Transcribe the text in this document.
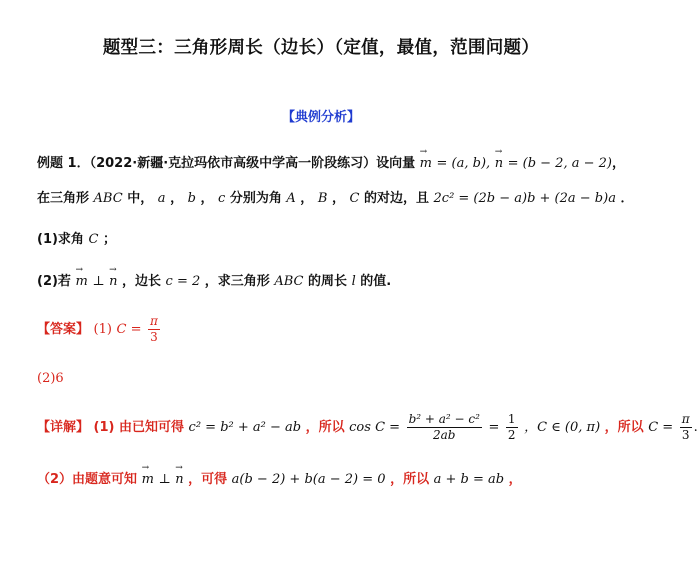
题型三：三角形周长（边长）（定值，最值，范围问题）
【典例分析】
例题 1．（2022·新疆·克拉玛依市高级中学高一阶段练习）设向量 → m = (a, b), → n = (b − 2, a − 2)，
在三角形 ABC 中， a ， b ， c 分别为角 A ， B ， C 的对边，且 2c² = (2b − a)b + (2a − b)a ．
(1)求角 C ；
(2)若 → m ⊥ → n ，边长 c = 2 ，求三角形 ABC 的周长 l 的值.
【答案】 (1) $C = \frac{\pi}{3}$
(2)6
【详解】 (1) 由已知可得 c² = b² + a² − ab ，所以 $\cos C = \frac{\text{b² + a² − c²}}{2ab} = \frac{1}{2}$ ，C ∈ (0, π) ，所以 $C = \frac{\pi}{3}$ .
（2）由题意可知 → m ⊥ → n ，可得 a(b − 2) + b(a − 2) = 0 ，所以 a + b = ab ，
